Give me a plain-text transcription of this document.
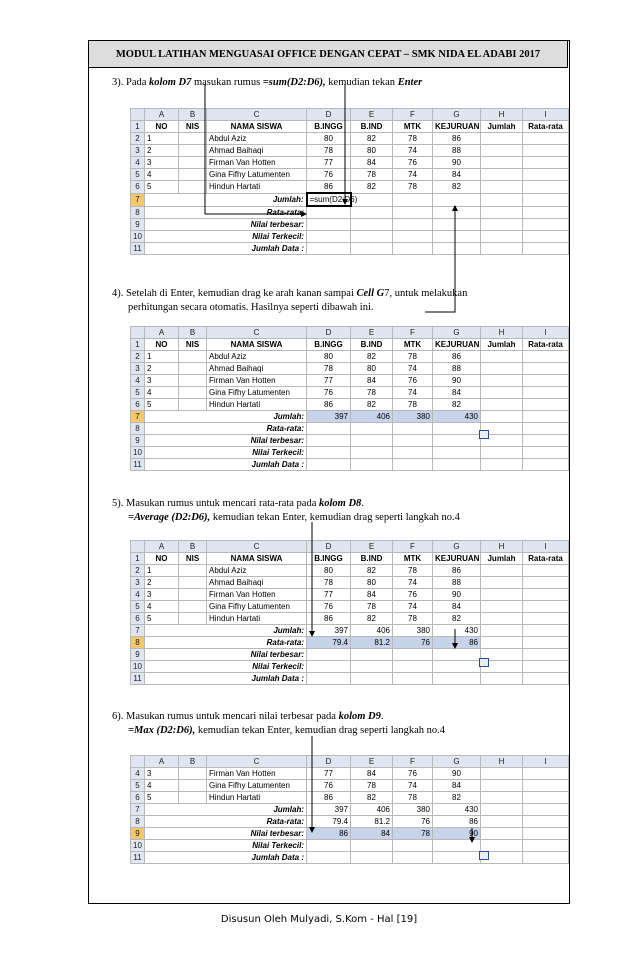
MODUL LATIHAN MENGUASAI OFFICE DENGAN CEPAT – SMK NIDA EL ADABI 2017
3). Pada kolom D7 masukan rumus =sum(D2:D6), kemudian tekan Enter
	A	B	C	D	E	F	G	H	I
1	NO	NIS	NAMA SISWA	B.INGG	B.IND	MTK	KEJURUAN	Jumlah	Rata-rata
2	1		Abdul Aziz	80	82	78	86		
3	2		Ahmad Baihaqi	78	80	74	88		
4	3		Firman Van Hotten	77	84	76	90		
5	4		Gina Fifhy Latumenten	76	78	74	84		
6	5		Hindun Hartati	86	82	78	82		
7	Jumlah:			=sum(D2:D6)					
8	Rata-rata:								
9	Nilai terbesar:								
10	Nilai Terkecil:								
11	Jumlah Data :								
4). Setelah di Enter, kemudian drag ke arah kanan sampai Cell G7, untuk melakukan
perhitungan secara otomatis. Hasilnya seperti dibawah ini.
	A	B	C	D	E	F	G	H	I
1	NO	NIS	NAMA SISWA	B.INGG	B.IND	MTK	KEJURUAN	Jumlah	Rata-rata
2	1		Abdul Aziz	80	82	78	86		
3	2		Ahmad Baihaqi	78	80	74	88		
4	3		Firman Van Hotten	77	84	76	90		
5	4		Gina Fifhy Latumenten	76	78	74	84		
6	5		Hindun Hartati	86	82	78	82		
7	Jumlah:			397	406	380	430		
8	Rata-rata:								
9	Nilai terbesar:								
10	Nilai Terkecil:								
11	Jumlah Data :								
5). Masukan rumus untuk mencari rata-rata pada kolom D8.
=Average (D2:D6), kemudian tekan Enter, kemudian drag seperti langkah no.4
	A	B	C	D	E	F	G	H	I
1	NO	NIS	NAMA SISWA	B.INGG	B.IND	MTK	KEJURUAN	Jumlah	Rata-rata
2	1		Abdul Aziz	80	82	78	86		
3	2		Ahmad Baihaqi	78	80	74	88		
4	3		Firman Van Hotten	77	84	76	90		
5	4		Gina Fifhy Latumenten	76	78	74	84		
6	5		Hindun Hartati	86	82	78	82		
7	Jumlah:			397	406	380	430		
8	Rata-rata:			79.4	81.2	76	86		
9	Nilai terbesar:								
10	Nilai Terkecil:								
11	Jumlah Data :								
6). Masukan rumus untuk mencari nilai terbesar pada kolom D9.
=Max (D2:D6), kemudian tekan Enter, kemudian drag seperti langkah no.4
	A	B	C	D	E	F	G	H	I
4	3		Firman Van Hotten	77	84	76	90		
5	4		Gina Fifhy Latumenten	76	78	74	84		
6	5		Hindun Hartati	86	82	78	82		
7	Jumlah:			397	406	380	430		
8	Rata-rata:			79.4	81.2	76	86		
9	Nilai terbesar:			86	84	78	90		
10	Nilai Terkecil:								
11	Jumlah Data :								
Disusun Oleh Mulyadi, S.Kom - Hal [19]
